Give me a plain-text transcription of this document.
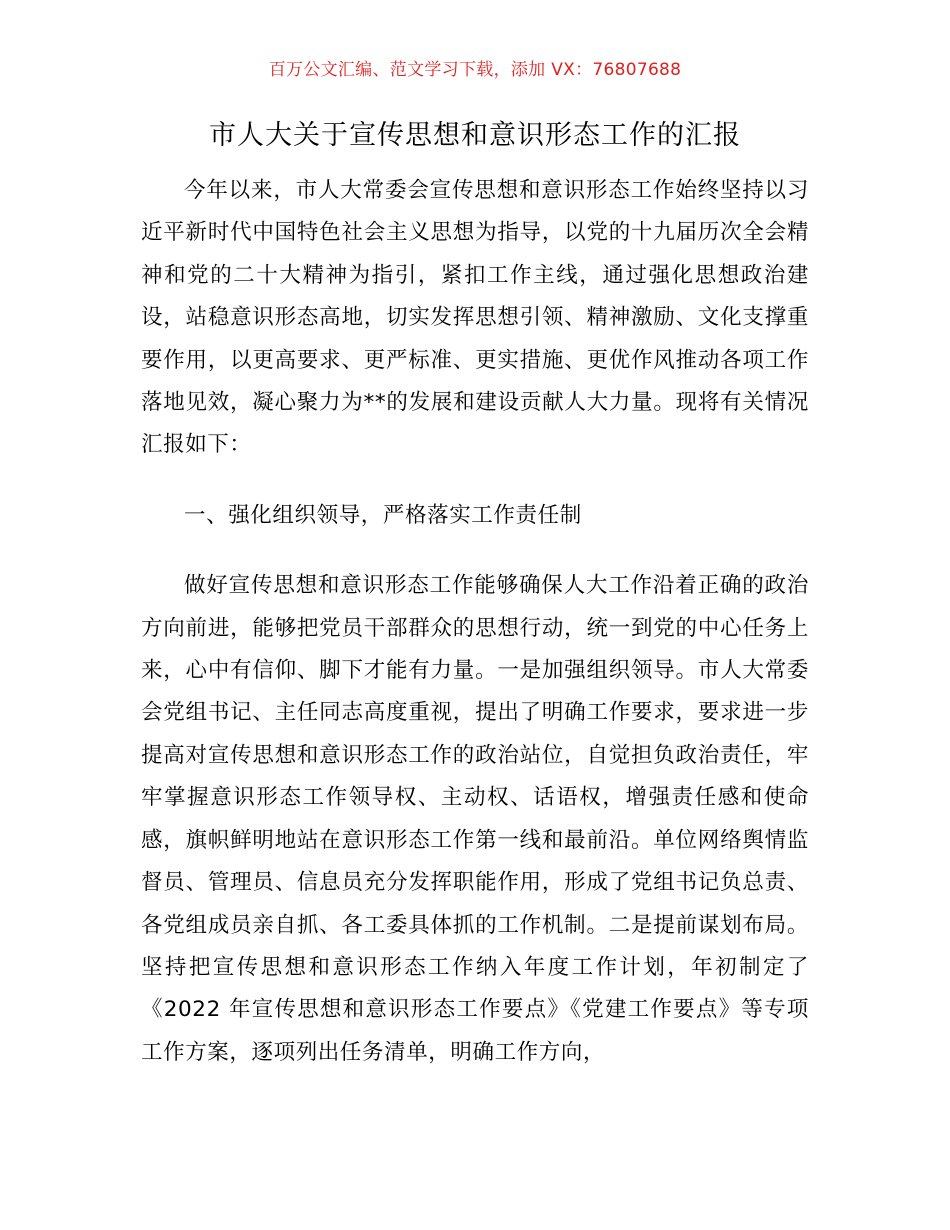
百万公文汇编、范文学习下载，添加 VX：76807688
市人大关于宣传思想和意识形态工作的汇报

今年以来，市人大常委会宣传思想和意识形态工作始终坚持以习近平新时代中国特色社会主义思想为指导，以党的十九届历次全会精神和党的二十大精神为指引，紧扣工作主线，通过强化思想政治建设，站稳意识形态高地，切实发挥思想引领、精神激励、文化支撑重要作用，以更高要求、更严标准、更实措施、更优作风推动各项工作落地见效，凝心聚力为**的发展和建设贡献人大力量。现将有关情况汇报如下：

一、强化组织领导，严格落实工作责任制

做好宣传思想和意识形态工作能够确保人大工作沿着正确的政治方向前进，能够把党员干部群众的思想行动，统一到党的中心任务上来，心中有信仰、脚下才能有力量。一是加强组织领导。市人大常委会党组书记、主任同志高度重视，提出了明确工作要求，要求进一步提高对宣传思想和意识形态工作的政治站位，自觉担负政治责任，牢牢掌握意识形态工作领导权、主动权、话语权，增强责任感和使命感，旗帜鲜明地站在意识形态工作第一线和最前沿。单位网络舆情监督员、管理员、信息员充分发挥职能作用，形成了党组书记负总责、各党组成员亲自抓、各工委具体抓的工作机制。二是提前谋划布局。坚持把宣传思想和意识形态工作纳入年度工作计划，年初制定了《2022 年宣传思想和意识形态工作要点》《党建工作要点》等专项工作方案，逐项列出任务清单，明确工作方向，
